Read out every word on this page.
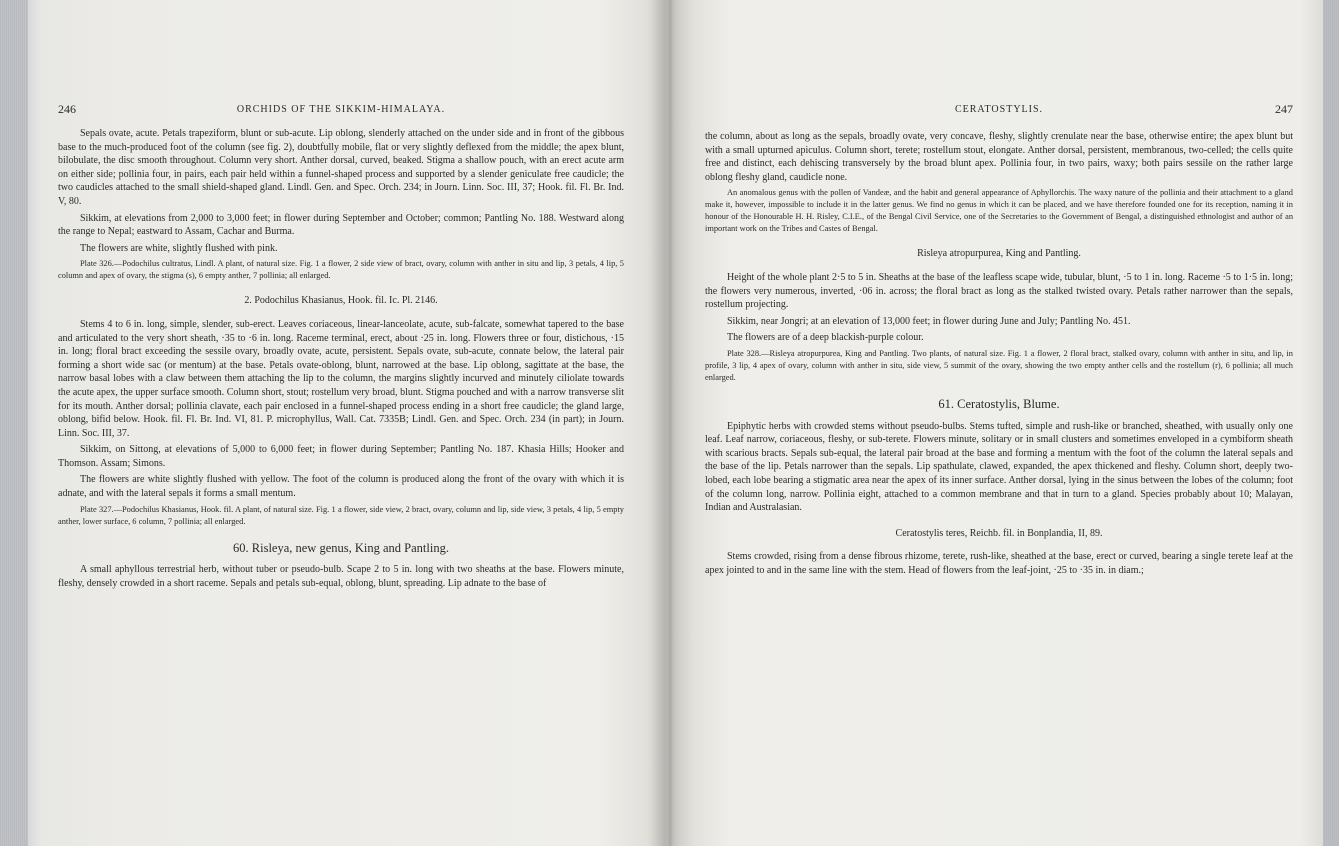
246	ORCHIDS OF THE SIKKIM-HIMALAYA.

Sepals ovate, acute. Petals trapeziform, blunt or sub-acute. Lip oblong, slenderly attached on the under side and in front of the gibbous base to the much-produced foot of the column (see fig. 2), doubtfully mobile, flat or very slightly deflexed from the middle; the apex blunt, bilobulate, the disc smooth throughout. Column very short. Anther dorsal, curved, beaked. Stigma a shallow pouch, with an erect acute arm on either side; pollinia four, in pairs, each pair held within a funnel-shaped process and supported by a slender geniculate free caudicle; the two caudicles attached to the small shield-shaped gland. Lindl. Gen. and Spec. Orch. 234; in Journ. Linn. Soc. III, 37; Hook. fil. Fl. Br. Ind. V, 80.

Sikkim, at elevations from 2,000 to 3,000 feet; in flower during September and October; common; Pantling No. 188. Westward along the range to Nepal; eastward to Assam, Cachar and Burma.

The flowers are white, slightly flushed with pink.

Plate 326.—Podochilus cultratus, Lindl. A plant, of natural size. Fig. 1 a flower, 2 side view of bract, ovary, column with anther in situ and lip, 3 petals, 4 lip, 5 column and apex of ovary, the stigma (s), 6 empty anther, 7 pollinia; all enlarged.

2. Podochilus Khasianus, Hook. fil. Ic. Pl. 2146.

Stems 4 to 6 in. long, simple, slender, sub-erect. Leaves coriaceous, linear-lanceolate, acute, sub-falcate, somewhat tapered to the base and articulated to the very short sheath, ·35 to ·6 in. long. Raceme terminal, erect, about ·25 in. long. Flowers three or four, distichous, ·15 in. long; floral bract exceeding the sessile ovary, broadly ovate, acute, persistent. Sepals ovate, sub-acute, connate below, the lateral pair forming a short wide sac (or mentum) at the base. Petals ovate-oblong, blunt, narrowed at the base. Lip oblong, sagittate at the base, the narrow basal lobes with a claw between them attaching the lip to the column, the margins slightly incurved and minutely ciliolate towards the acute apex, the upper surface smooth. Column short, stout; rostellum very broad, blunt. Stigma pouched and with a narrow transverse slit for its mouth. Anther dorsal; pollinia clavate, each pair enclosed in a funnel-shaped process ending in a short free caudicle; the gland large, oblong, bifid below. Hook. fil. Fl. Br. Ind. VI, 81. P. microphyllus, Wall. Cat. 7335B; Lindl. Gen. and Spec. Orch. 234 (in part); in Journ. Linn. Soc. III, 37.

Sikkim, on Sittong, at elevations of 5,000 to 6,000 feet; in flower during September; Pantling No. 187. Khasia Hills; Hooker and Thomson. Assam; Simons.

The flowers are white slightly flushed with yellow. The foot of the column is produced along the front of the ovary with which it is adnate, and with the lateral sepals it forms a small mentum.

Plate 327.—Podochilus Khasianus, Hook. fil. A plant, of natural size. Fig. 1 a flower, side view, 2 bract, ovary, column and lip, side view, 3 petals, 4 lip, 5 empty anther, lower surface, 6 column, 7 pollinia; all enlarged.

60. Risleya, new genus, King and Pantling.

A small aphyllous terrestrial herb, without tuber or pseudo-bulb. Scape 2 to 5 in. long with two sheaths at the base. Flowers minute, fleshy, densely crowded in a short raceme. Sepals and petals sub-equal, oblong, blunt, spreading. Lip adnate to the base of

CERATOSTYLIS.	247

the column, about as long as the sepals, broadly ovate, very concave, fleshy, slightly crenulate near the base, otherwise entire; the apex blunt but with a small upturned apiculus. Column short, terete; rostellum stout, elongate. Anther dorsal, persistent, membranous, two-celled; the cells quite free and distinct, each dehiscing transversely by the broad blunt apex. Pollinia four, in two pairs, waxy; both pairs sessile on the rather large oblong fleshy gland, caudicle none.

An anomalous genus with the pollen of Vandeæ, and the habit and general appearance of Aphyllorchis. The waxy nature of the pollinia and their attachment to a gland make it, however, impossible to include it in the latter genus. We find no genus in which it can be placed, and we have therefore founded one for its reception, naming it in honour of the Honourable H. H. Risley, C.I.E., of the Bengal Civil Service, one of the Secretaries to the Government of Bengal, a distinguished ethnologist and author of an important work on the Tribes and Castes of Bengal.

Risleya atropurpurea, King and Pantling.

Height of the whole plant 2·5 to 5 in. Sheaths at the base of the leafless scape wide, tubular, blunt, ·5 to 1 in. long. Raceme ·5 to 1·5 in. long; the flowers very numerous, inverted, ·06 in. across; the floral bract as long as the stalked twisted ovary. Petals rather narrower than the sepals, rostellum projecting.

Sikkim, near Jongri; at an elevation of 13,000 feet; in flower during June and July; Pantling No. 451.

The flowers are of a deep blackish-purple colour.

Plate 328.—Risleya atropurpurea, King and Pantling. Two plants, of natural size. Fig. 1 a flower, 2 floral bract, stalked ovary, column with anther in situ, and lip, in profile, 3 lip, 4 apex of ovary, column with anther in situ, side view, 5 summit of the ovary, showing the two empty anther cells and the rostellum (r), 6 pollinia; all much enlarged.

61. Ceratostylis, Blume.

Epiphytic herbs with crowded stems without pseudo-bulbs. Stems tufted, simple and rush-like or branched, sheathed, with usually only one leaf. Leaf narrow, coriaceous, fleshy, or sub-terete. Flowers minute, solitary or in small clusters and sometimes enveloped in a cymbiform sheath with scarious bracts. Sepals sub-equal, the lateral pair broad at the base and forming a mentum with the foot of the column the lateral sepals and the base of the lip. Petals narrower than the sepals. Lip spathulate, clawed, expanded, the apex thickened and fleshy. Column short, deeply two-lobed, each lobe bearing a stigmatic area near the apex of its inner surface. Anther dorsal, lying in the sinus between the lobes of the column; foot of the column long, narrow. Pollinia eight, attached to a common membrane and that in turn to a gland. Species probably about 10; Malayan, Indian and Australasian.

Ceratostylis teres, Reichb. fil. in Bonplandia, II, 89.

Stems crowded, rising from a dense fibrous rhizome, terete, rush-like, sheathed at the base, erect or curved, bearing a single terete leaf at the apex jointed to and in the same line with the stem. Head of flowers from the leaf-joint, ·25 to ·35 in. in diam.;
